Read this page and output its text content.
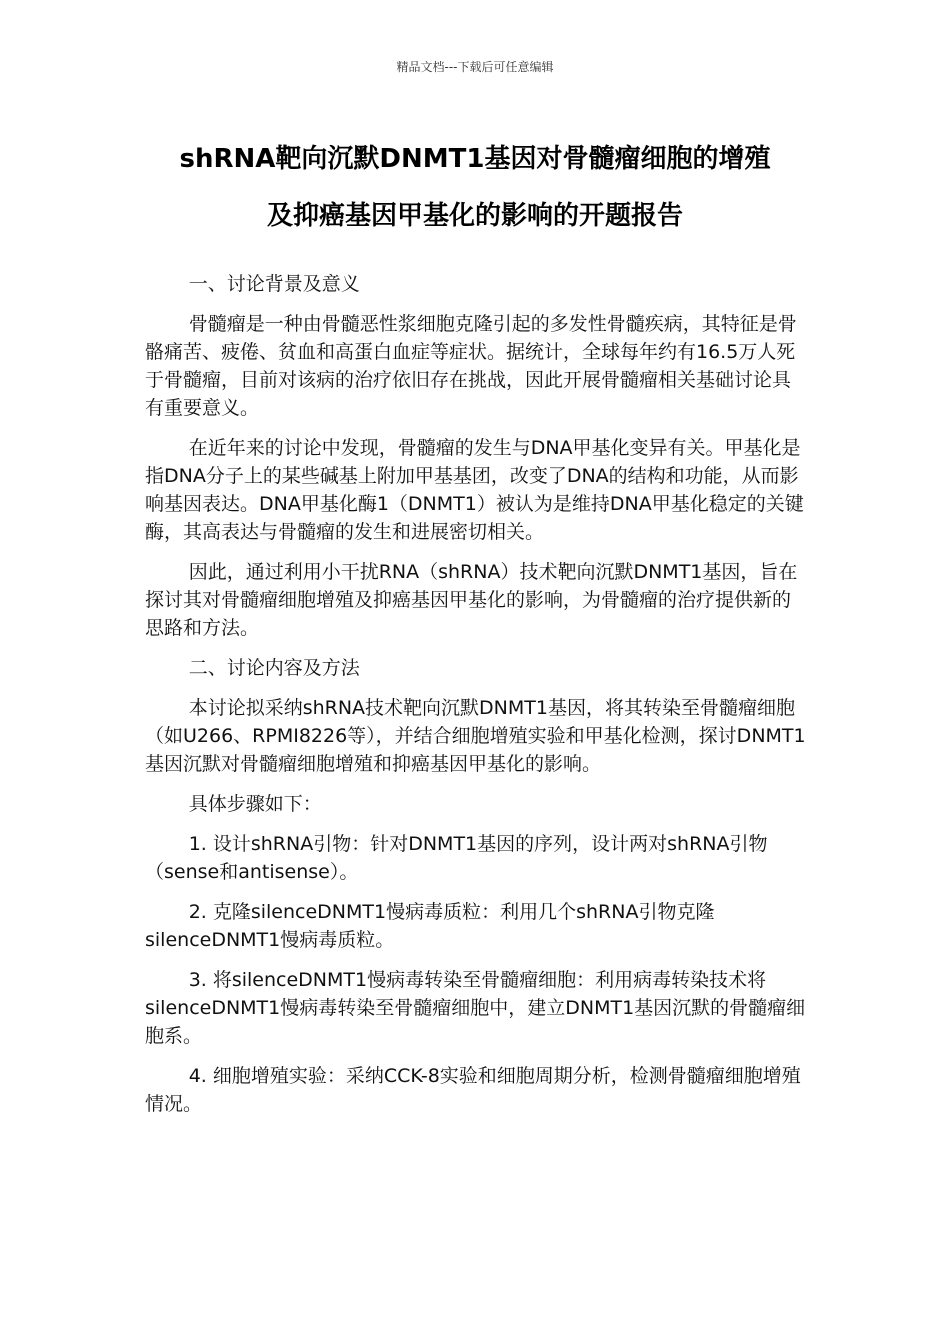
精品文档---下载后可任意编辑
shRNA靶向沉默DNMT1基因对骨髓瘤细胞的增殖
及抑癌基因甲基化的影响的开题报告
一、讨论背景及意义

骨髓瘤是一种由骨髓恶性浆细胞克隆引起的多发性骨髓疾病，其特征是骨骼痛苦、疲倦、贫血和高蛋白血症等症状。据统计，全球每年约有16.5万人死于骨髓瘤，目前对该病的治疗依旧存在挑战，因此开展骨髓瘤相关基础讨论具有重要意义。

在近年来的讨论中发现，骨髓瘤的发生与DNA甲基化变异有关。甲基化是指DNA分子上的某些碱基上附加甲基基团，改变了DNA的结构和功能，从而影响基因表达。DNA甲基化酶1（DNMT1）被认为是维持DNA甲基化稳定的关键酶，其高表达与骨髓瘤的发生和进展密切相关。

因此，通过利用小干扰RNA（shRNA）技术靶向沉默DNMT1基因，旨在探讨其对骨髓瘤细胞增殖及抑癌基因甲基化的影响，为骨髓瘤的治疗提供新的思路和方法。

二、讨论内容及方法

本讨论拟采纳shRNA技术靶向沉默DNMT1基因，将其转染至骨髓瘤细胞（如U266、RPMI8226等），并结合细胞增殖实验和甲基化检测，探讨DNMT1基因沉默对骨髓瘤细胞增殖和抑癌基因甲基化的影响。

具体步骤如下：

1. 设计shRNA引物：针对DNMT1基因的序列，设计两对shRNA引物（sense和antisense）。

2. 克隆silenceDNMT1慢病毒质粒：利用几个shRNA引物克隆silenceDNMT1慢病毒质粒。

3. 将silenceDNMT1慢病毒转染至骨髓瘤细胞：利用病毒转染技术将silenceDNMT1慢病毒转染至骨髓瘤细胞中，建立DNMT1基因沉默的骨髓瘤细胞系。

4. 细胞增殖实验：采纳CCK-8实验和细胞周期分析，检测骨髓瘤细胞增殖情况。
